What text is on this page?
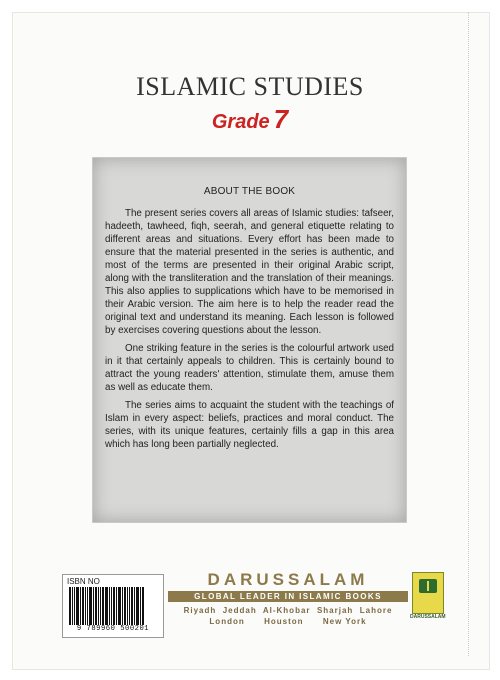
ISLAMIC STUDIES
Grade 7

ABOUT THE BOOK

The present series covers all areas of Islamic studies: tafseer, hadeeth, tawheed, fiqh, seerah, and general etiquette relating to different areas and situations. Every effort has been made to ensure that the material presented in the series is authentic, and most of the terms are presented in their original Arabic script, along with the transliteration and the translation of their meanings. This also applies to supplications which have to be memorised in their Arabic version. The aim here is to help the reader read the original text and understand its meaning. Each lesson is followed by exercises covering questions about the lesson.

One striking feature in the series is the colourful artwork used in it that certainly appeals to children. This is certainly bound to attract the young readers' attention, stimulate them, amuse them as well as educate them.

The series aims to acquaint the student with the teachings of Islam in every aspect: beliefs, practices and moral conduct. The series, with its unique features, certainly fills a gap in this area which has long been partially neglected.

ISBN NO
9 789960 500201
DARUSSALAM
GLOBAL LEADER IN ISLAMIC BOOKS
Riyadh  Jeddah  Al-Khobar  Sharjah  Lahore
London      Houston      New York	DARUSSALAM
